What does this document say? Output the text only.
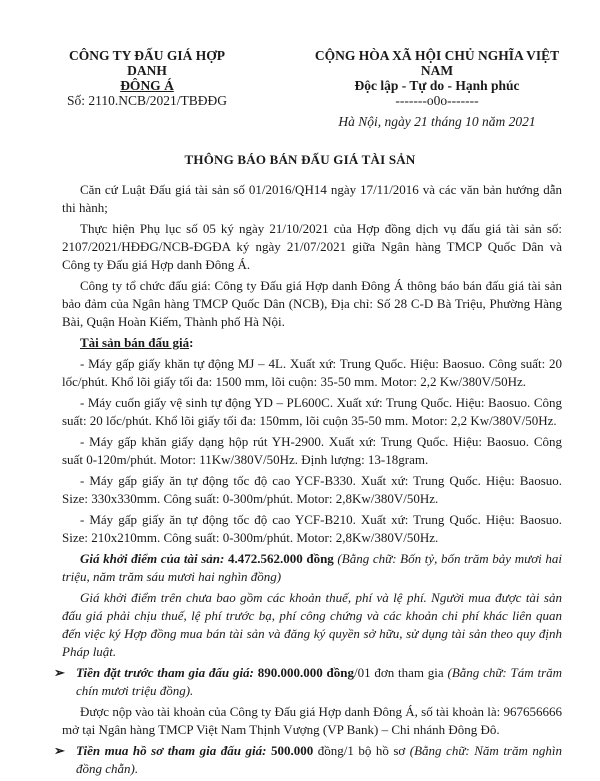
CÔNG TY ĐẤU GIÁ HỢP DANH
ĐÔNG Á
Số: 2110.NCB/2021/TBĐĐG
CỘNG HÒA XÃ HỘI CHỦ NGHĨA VIỆT NAM
Độc lập - Tự do - Hạnh phúc
-------o0o-------
Hà Nội, ngày 21 tháng 10 năm 2021
THÔNG BÁO BÁN ĐẤU GIÁ TÀI SẢN

Căn cứ Luật Đấu giá tài sản số 01/2016/QH14 ngày 17/11/2016 và các văn bản hướng dẫn thi hành;

Thực hiện Phụ lục số 05 ký ngày 21/10/2021 của Hợp đồng dịch vụ đấu giá tài sản số: 2107/2021/HĐĐG/NCB-ĐGĐA ký ngày 21/07/2021 giữa Ngân hàng TMCP Quốc Dân và Công ty Đấu giá Hợp danh Đông Á.

Công ty tổ chức đấu giá: Công ty Đấu giá Hợp danh Đông Á thông báo bán đấu giá tài sản bảo đảm của Ngân hàng TMCP Quốc Dân (NCB), Địa chỉ: Số 28 C-D Bà Triệu, Phường Hàng Bài, Quận Hoàn Kiếm, Thành phố Hà Nội.

Tài sản bán đấu giá:

- Máy gấp giấy khăn tự động MJ – 4L. Xuất xứ: Trung Quốc. Hiệu: Baosuo. Công suất: 20 lốc/phút. Khổ lõi giấy tối đa: 1500 mm, lõi cuộn: 35-50 mm. Motor: 2,2 Kw/380V/50Hz.

- Máy cuốn giấy vệ sinh tự động YD – PL600C. Xuất xứ: Trung Quốc. Hiệu: Baosuo. Công suất: 20 lốc/phút. Khổ lõi giấy tối đa: 150mm, lõi cuộn 35-50 mm. Motor: 2,2 Kw/380V/50Hz.

- Máy gấp khăn giấy dạng hộp rút YH-2900. Xuất xứ: Trung Quốc. Hiệu: Baosuo. Công suất 0-120m/phút. Motor: 11Kw/380V/50Hz. Định lượng: 13-18gram.

- Máy gấp giấy ăn tự động tốc độ cao YCF-B330. Xuất xứ: Trung Quốc. Hiệu: Baosuo. Size: 330x330mm. Công suất: 0-300m/phút. Motor: 2,8Kw/380V/50Hz.

- Máy gấp giấy ăn tự động tốc độ cao YCF-B210. Xuất xứ: Trung Quốc. Hiệu: Baosuo. Size: 210x210mm. Công suất: 0-300m/phút. Motor: 2,8Kw/380V/50Hz.

Giá khởi điểm của tài sản: 4.472.562.000 đồng (Bằng chữ: Bốn tỷ, bốn trăm bảy mươi hai triệu, năm trăm sáu mươi hai nghìn đồng)

Giá khởi điểm trên chưa bao gồm các khoản thuế, phí và lệ phí. Người mua được tài sản đấu giá phải chịu thuế, lệ phí trước bạ, phí công chứng và các khoản chi phí khác liên quan đến việc ký Hợp đồng mua bán tài sản và đăng ký quyền sở hữu, sử dụng tài sản theo quy định Pháp luật.

➢ Tiền đặt trước tham gia đấu giá: 890.000.000 đồng/01 đơn tham gia (Bằng chữ: Tám trăm chín mươi triệu đồng).

Được nộp vào tài khoản của Công ty Đấu giá Hợp danh Đông Á, số tài khoản là: 967656666 mở tại Ngân hàng TMCP Việt Nam Thịnh Vượng (VP Bank) – Chi nhánh Đông Đô.

➢ Tiền mua hồ sơ tham gia đấu giá: 500.000 đồng/1 bộ hồ sơ (Bằng chữ: Năm trăm nghìn đồng chẵn).
